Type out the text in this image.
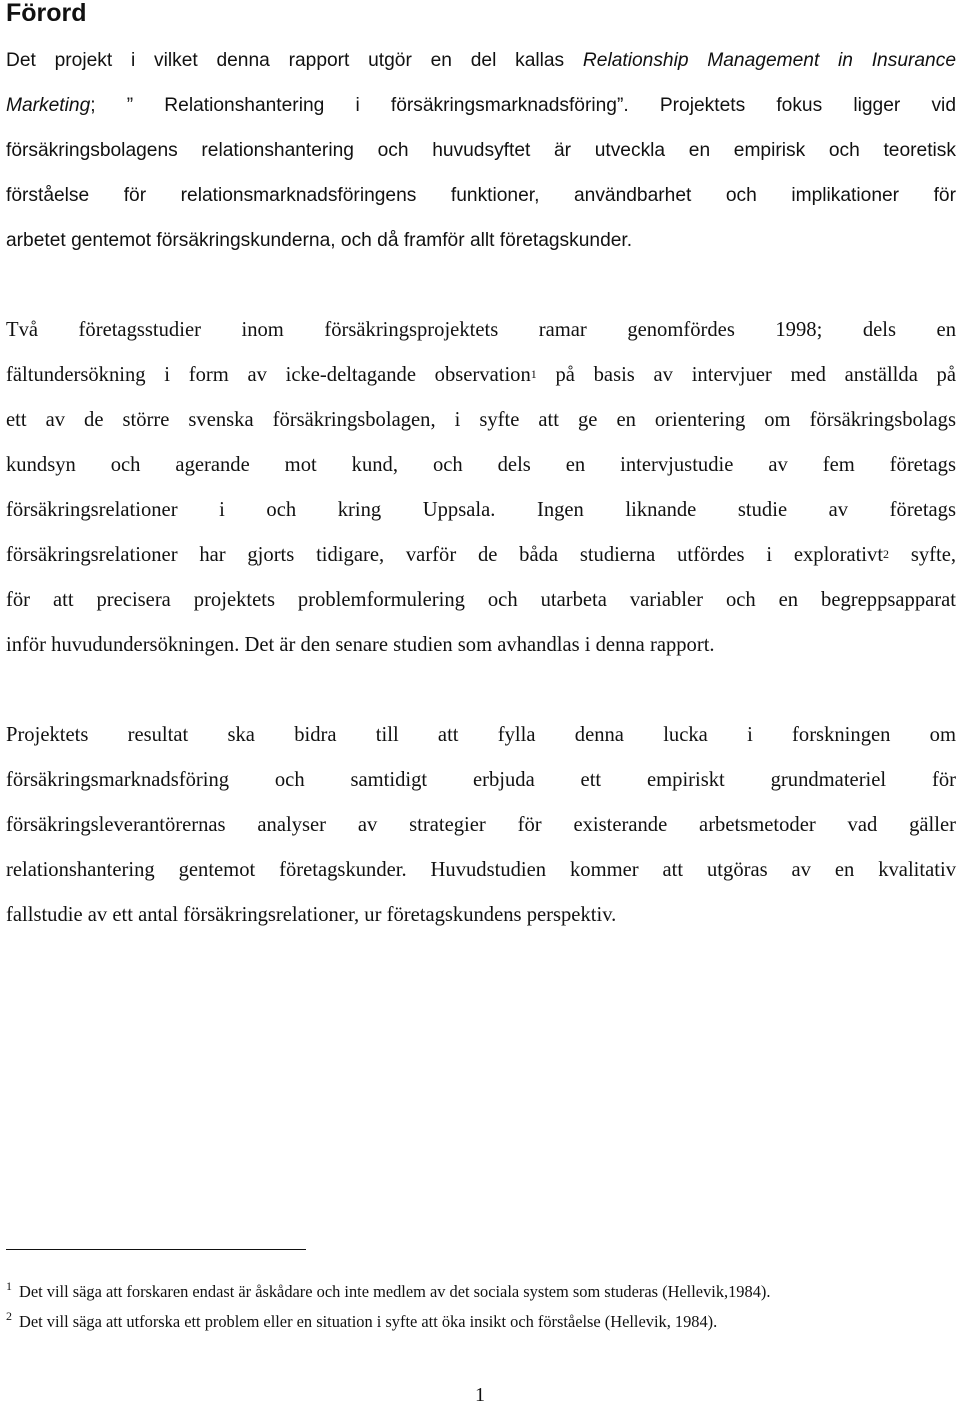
Förord
Det projekt i vilket denna rapport utgör en del kallas Relationship Management in Insurance
Marketing; ” Relationshantering i försäkringsmarknadsföring”. Projektets fokus ligger vid
försäkringsbolagens relationshantering och huvudsyftet är utveckla en empirisk och teoretisk
förståelse för relationsmarknadsföringens funktioner, användbarhet och implikationer för
arbetet gentemot försäkringskunderna, och då framför allt företagskunder.
Två företagsstudier inom försäkringsprojektets ramar genomfördes 1998; dels en
fältundersökning i form av icke-deltagande observation$^1$ på basis av intervjuer med anställda på
ett av de större svenska försäkringsbolagen, i syfte att ge en orientering om försäkringsbolags
kundsyn och agerande mot kund, och dels en intervjustudie av fem företags
försäkringsrelationer i och kring Uppsala. Ingen liknande studie av företags
försäkringsrelationer har gjorts tidigare, varför de båda studierna utfördes i explorativt$^2$ syfte,
för att precisera projektets problemformulering och utarbeta variabler och en begreppsapparat
inför huvudundersökningen. Det är den senare studien som avhandlas i denna rapport.
Projektets resultat ska bidra till att fylla denna lucka i forskningen om
försäkringsmarknadsföring och samtidigt erbjuda ett empiriskt grundmateriel för
försäkringsleverantörernas analyser av strategier för existerande arbetsmetoder vad gäller
relationshantering gentemot företagskunder. Huvudstudien kommer att utgöras av en kvalitativ
fallstudie av ett antal försäkringsrelationer, ur företagskundens perspektiv.

1 Det vill säga att forskaren endast är åskådare och inte medlem av det sociala system som studeras (Hellevik,1984).

2 Det vill säga att utforska ett problem eller en situation i syfte att öka insikt och förståelse (Hellevik, 1984).

1
